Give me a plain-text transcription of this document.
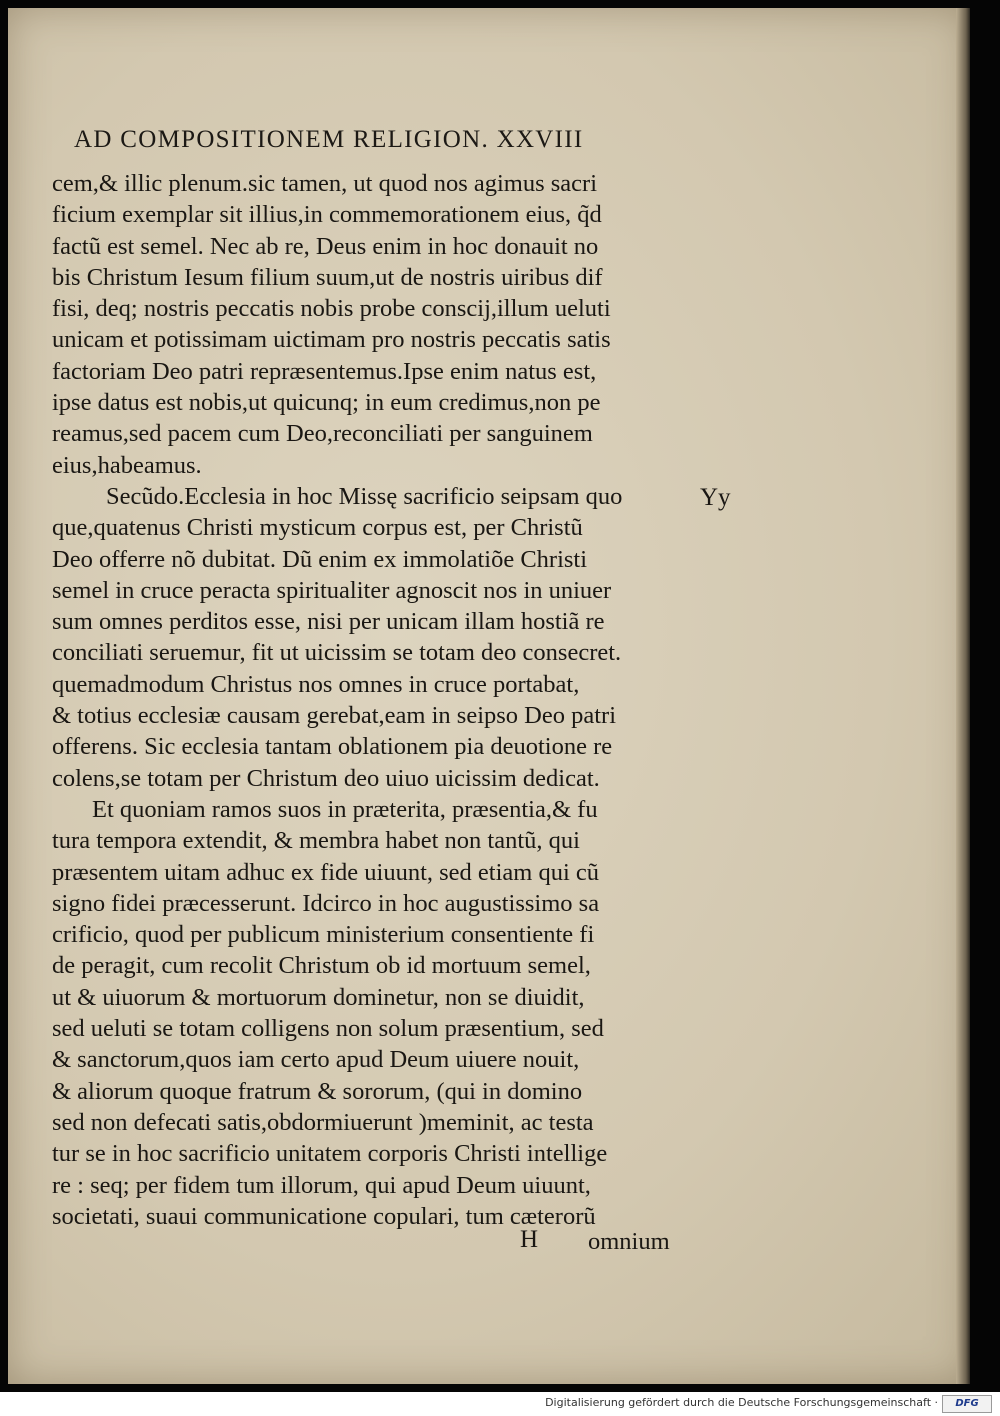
AD COMPOSITIONEM RELIGION. XXVIII
cem,& illic plenum.sic tamen, ut quod nos agimus sacri
ficium exemplar sit illius,in commemorationem eius, q̃d
factũ est semel. Nec ab re, Deus enim in hoc donauit no
bis Christum Iesum filium suum,ut de nostris uiribus dif
fisi, deq; nostris peccatis nobis probe conscij,illum ueluti
unicam et potissimam uictimam pro nostris peccatis satis
factoriam Deo patri repræsentemus.Ipse enim natus est,
ipse datus est nobis,ut quicunq; in eum credimus,non pe
reamus,sed pacem cum Deo,reconciliati per sanguinem
eius,habeamus.
Secũdo.Ecclesia in hoc Missę sacrificio seipsam quo
que,quatenus Christi mysticum corpus est, per Christũ
Deo offerre nõ dubitat. Dũ enim ex immolatiõe Christi
semel in cruce peracta spiritualiter agnoscit nos in uniuer
sum omnes perditos esse, nisi per unicam illam hostiã re
conciliati seruemur, fit ut uicissim se totam deo consecret.
quemadmodum Christus nos omnes in cruce portabat,
& totius ecclesiæ causam gerebat,eam in seipso Deo patri
offerens. Sic ecclesia tantam oblationem pia deuotione re
colens,se totam per Christum deo uiuo uicissim dedicat.
Et quoniam ramos suos in præterita, præsentia,& fu
tura tempora extendit, & membra habet non tantũ, qui
præsentem uitam adhuc ex fide uiuunt, sed etiam qui cũ
signo fidei præcesserunt. Idcirco in hoc augustissimo sa
crificio, quod per publicum ministerium consentiente fi
de peragit, cum recolit Christum ob id mortuum semel,
ut & uiuorum & mortuorum dominetur, non se diuidit,
sed ueluti se totam colligens non solum præsentium, sed
& sanctorum,quos iam certo apud Deum uiuere nouit,
& aliorum quoque fratrum & sororum, (qui in domino
sed non defecati satis,obdormiuerunt )meminit, ac testa
tur se in hoc sacrificio unitatem corporis Christi intellige
re : seq; per fidem tum illorum, qui apud Deum uiuunt,
societati, suaui communicatione copulari, tum cæterorũ
Yy
H omnium
Digitalisierung gefördert durch die Deutsche Forschungsgemeinschaft ·	DFG
